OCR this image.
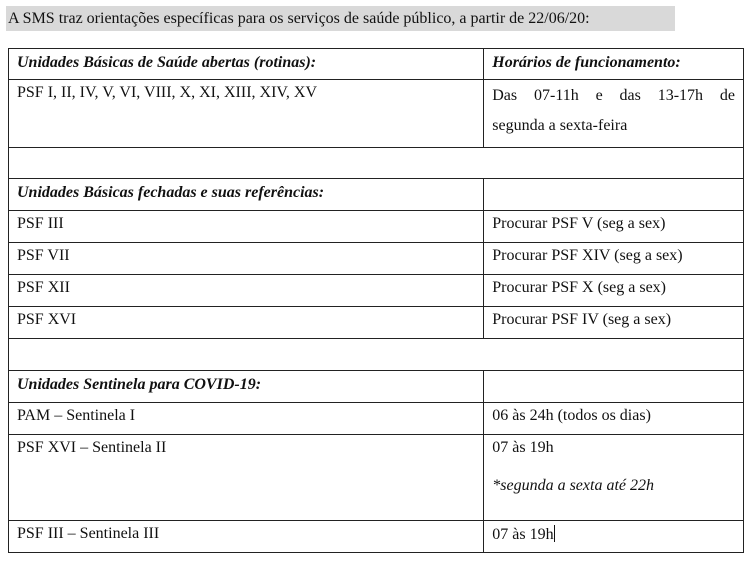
A SMS traz orientações específicas para os serviços de saúde público, a partir de 22/06/20:
Unidades Básicas de Saúde abertas (rotinas):	Horários de funcionamento:
PSF I, II, IV, V, VI, VIII, X, XI, XIII, XIV, XV	Das 07-11h e das 13-17h de
segunda a sexta-feira

Unidades Básicas fechadas e suas referências:	
PSF III	Procurar PSF V (seg a sex)
PSF VII	Procurar PSF XIV (seg a sex)
PSF XII	Procurar PSF X (seg a sex)
PSF XVI	Procurar PSF IV (seg a sex)

Unidades Sentinela para COVID-19:	
PAM – Sentinela I	06 às 24h (todos os dias)
PSF XVI – Sentinela II	07 às 19h
*segunda a sexta até 22h

PSF III – Sentinela III	07 às 19h
